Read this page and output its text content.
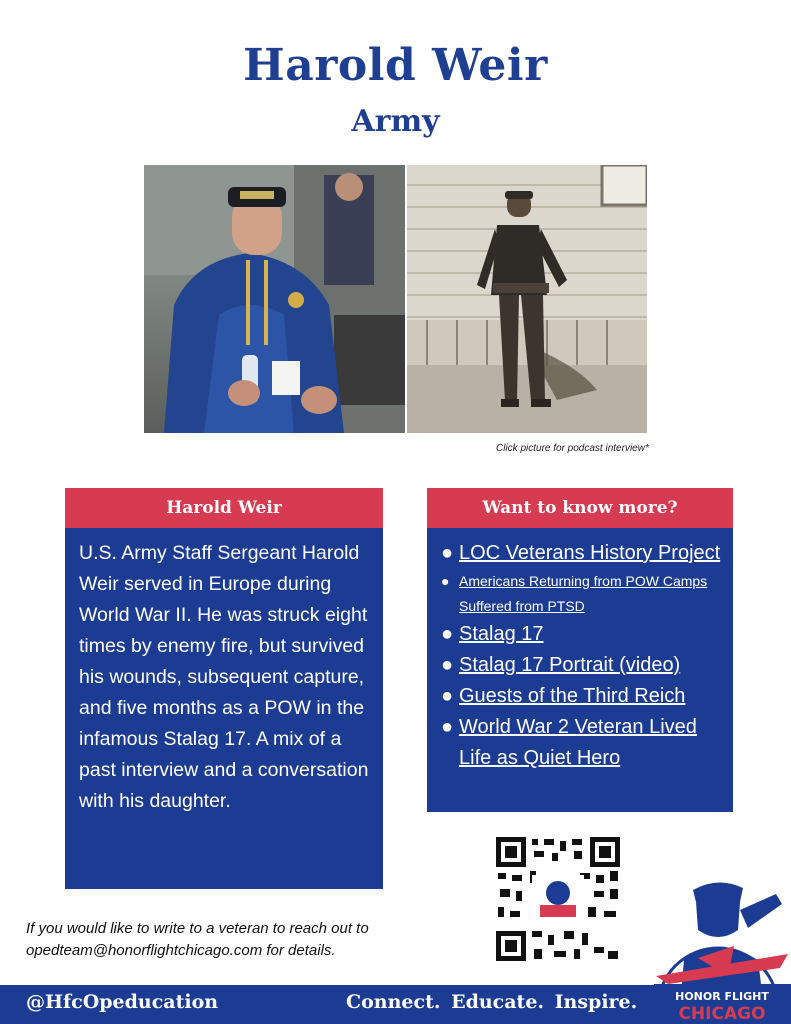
Harold Weir
Army
Click picture for podcast interview*
Harold Weir
U.S. Army Staff Sergeant Harold Weir served in Europe during World War II. He was struck eight times by enemy fire, but survived his wounds, subsequent capture, and five months as a POW in the infamous Stalag 17. A mix of a past interview and a conversation with his daughter.
Want to know more?
● LOC Veterans History Project
● Americans Returning from POW Camps Suffered from PTSD
● Stalag 17
● Stalag 17 Portrait (video)
● Guests of the Third Reich
● World War 2 Veteran Lived Life as Quiet Hero
If you would like to write to a veteran to reach out to opedteam@honorflightchicago.com for details.
HONOR FLIGHT
CHICAGO
@HfcOpeducation	Connect. Educate. Inspire.
